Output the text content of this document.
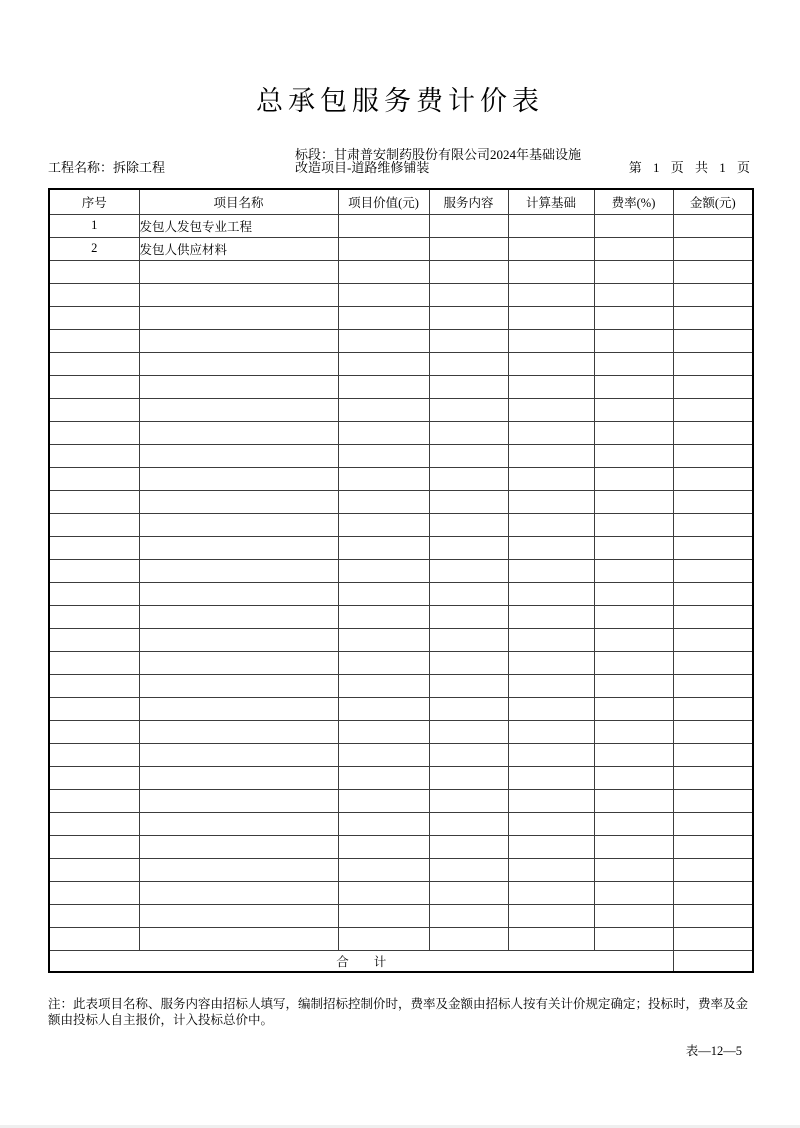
总承包服务费计价表
工程名称：拆除工程
标段：甘肃普安制药股份有限公司2024年基础设施
改造项目-道路维修铺装	第 1 页 共 1 页
序号	项目名称	项目价值(元)	服务内容	计算基础	费率(%)	金额(元)
1	发包人发包专业工程					
2	发包人供应材料					

合　　计						
注：此表项目名称、服务内容由招标人填写，编制招标控制价时，费率及金额由招标人按有关计价规定确定；投标时，费率及金额由投标人自主报价，计入投标总价中。
表—12—5
